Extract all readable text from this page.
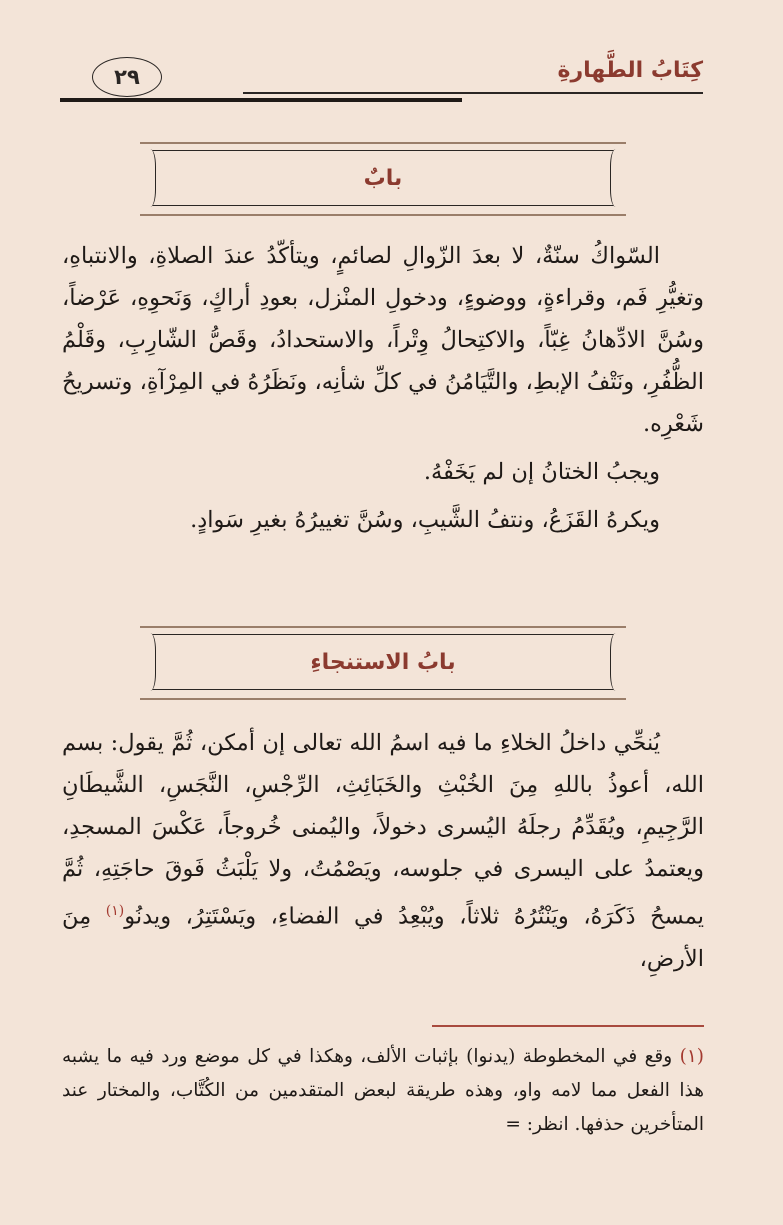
كِتَابُ الطَّهارةِ
٢٩
بابٌ

السّواكُ سنّةٌ، لا بعدَ الزّوالِ لصائمٍ، ويتأكّدُ عندَ الصلاةِ، والانتباهِ، وتغيُّرِ فَم، وقراءةٍ، ووضوءٍ، ودخولِ المنْزل، بعودِ أراكٍ، وَنَحوِهِ، عَرْضاً، وسُنَّ الادِّهانُ غِبّاً، والاكتِحالُ وِتْراً، والاستحدادُ، وقَصُّ الشّارِبِ، وقَلْمُ الظُّفُرِ، ونَتْفُ الإبطِ، والتَّيَامُنُ في كلِّ شأنِه، ونَظَرُهُ في المِرْآةِ، وتسريحُ شَعْرِه.

ويجبُ الختانُ إن لم يَخَفْهُ.

ويكرهُ القَزَعُ، ونتفُ الشَّيبِ، وسُنَّ تغييرُهُ بغيرِ سَوادٍ.

بابُ الاستنجاءِ

يُنحِّي داخلُ الخلاءِ ما فيه اسمُ الله تعالى إن أمكن، ثُمَّ يقول: بسم الله، أعوذُ باللهِ مِنَ الخُبْثِ والخَبَائِثِ، الرِّجْسِ، النَّجَسِ، الشَّيطَانِ الرَّجِيمِ، ويُقَدِّمُ رجلَهُ اليُسرى دخولاً، واليُمنى خُروجاً، عَكْسَ المسجدِ، ويعتمدُ على اليسرى في جلوسه، ويَصْمُتُ، ولا يَلْبَثُ فَوقَ حاجَتِهِ، ثُمَّ يمسحُ ذَكَرَهُ، ويَنْتُرُهُ ثلاثاً، ويُبْعِدُ في الفضاءِ، ويَسْتَتِرُ، ويدنُو$^{(١)}$ مِنَ الأرضِ،

(١) وقع في المخطوطة (يدنوا) بإثبات الألف، وهكذا في كل موضع ورد فيه ما يشبه هذا الفعل مما لامه واو، وهذه طريقة لبعض المتقدمين من الكُتَّاب، والمختار عند المتأخرين حذفها. انظر: =
